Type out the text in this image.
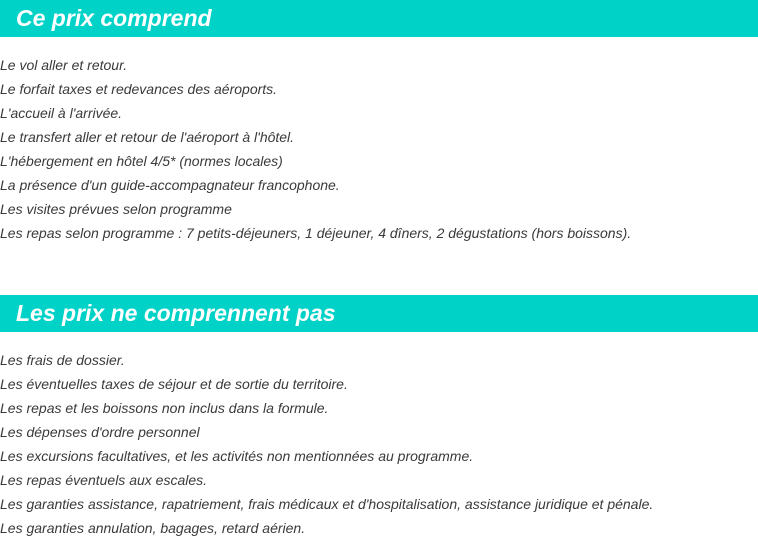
Ce prix comprend
Le vol aller et retour.
Le forfait taxes et redevances des aéroports.
L'accueil à l'arrivée.
Le transfert aller et retour de l'aéroport à l'hôtel.
L'hébergement en hôtel 4/5* (normes locales)
La présence d'un guide-accompagnateur francophone.
Les visites prévues selon programme
Les repas selon programme : 7 petits-déjeuners, 1 déjeuner, 4 dîners, 2 dégustations (hors boissons).
Les prix ne comprennent pas
Les frais de dossier.
Les éventuelles taxes de séjour et de sortie du territoire.
Les repas et les boissons non inclus dans la formule.
Les dépenses d'ordre personnel
Les excursions facultatives, et les activités non mentionnées au programme.
Les repas éventuels aux escales.
Les garanties assistance, rapatriement, frais médicaux et d'hospitalisation, assistance juridique et pénale.
Les garanties annulation, bagages, retard aérien.
